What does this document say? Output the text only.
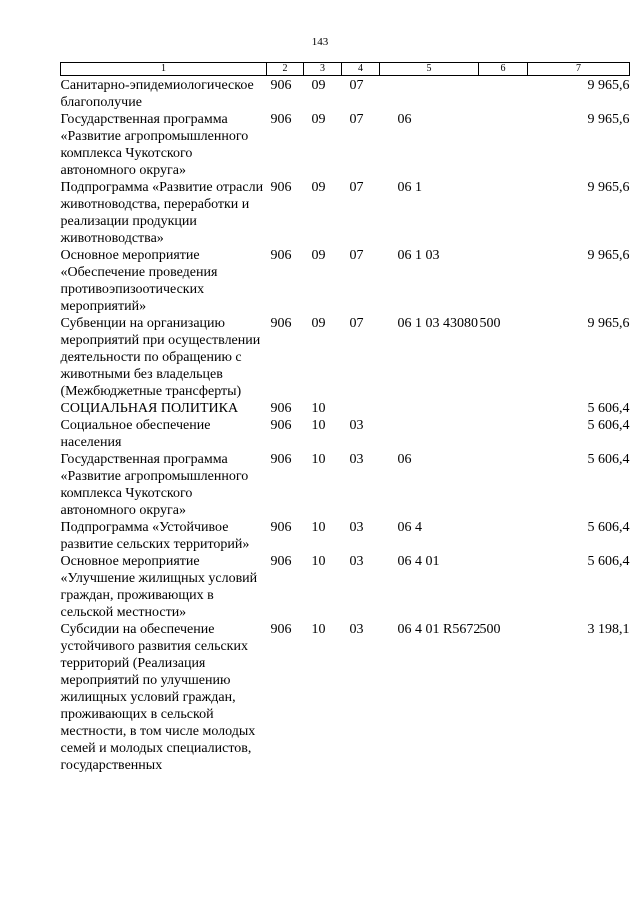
143
1	2	3	4	5	6	7
Санитарно-эпидемиологическое благополучие	906	09	07			9 965,6
Государственная программа «Развитие агропромышленного комплекса Чукотского автономного округа»	906	09	07	06		9 965,6
Подпрограмма «Развитие отрасли животноводства, переработки и реализации продукции животноводства»	906	09	07	06 1		9 965,6
Основное мероприятие «Обеспечение проведения противоэпизоотических мероприятий»	906	09	07	06 1 03		9 965,6
Субвенции на организацию мероприятий при осуществлении деятельности по обращению с животными без владельцев (Межбюджетные трансферты)	906	09	07	06 1 03 43080	500	9 965,6
СОЦИАЛЬНАЯ ПОЛИТИКА	906	10				5 606,4
Социальное обеспечение населения	906	10	03			5 606,4
Государственная программа «Развитие агропромышленного комплекса Чукотского автономного округа»	906	10	03	06		5 606,4
Подпрограмма «Устойчивое развитие сельских территорий»	906	10	03	06 4		5 606,4
Основное мероприятие «Улучшение жилищных условий граждан, проживающих в сельской местности»	906	10	03	06 4 01		5 606,4
Субсидии на обеспечение устойчивого развития сельских территорий (Реализация мероприятий по улучшению жилищных условий граждан, проживающих в сельской местности, в том числе молодых семей и молодых специалистов, государственных	906	10	03	06 4 01 R5672	500	3 198,1
